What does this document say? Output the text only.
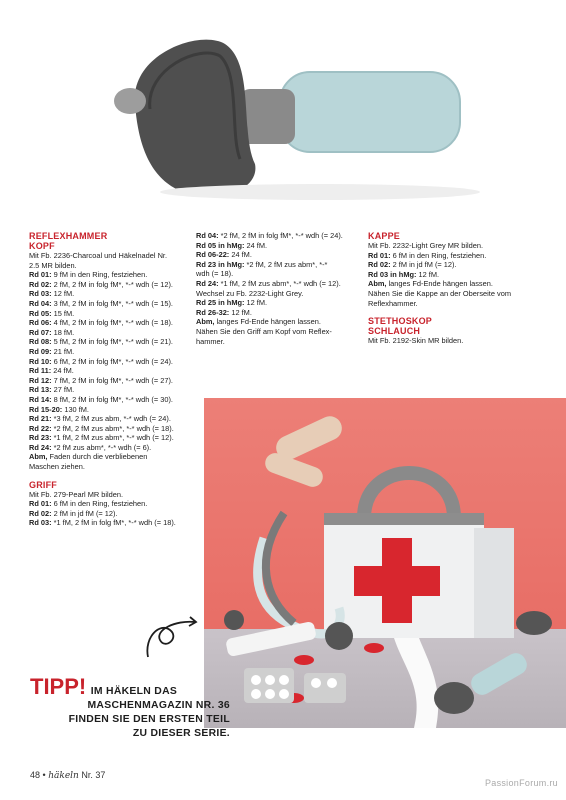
REFLEXHAMMER
KOPF
Mit Fb. 2236-Charcoal und Häkelnadel Nr.
2.5 MR bilden.
Rd 01: 9 fM in den Ring, festziehen.
Rd 02: 2 fM, 2 fM in folg fM*, *-* wdh (= 12).
Rd 03: 12 fM.
Rd 04: 3 fM, 2 fM in folg fM*, *-* wdh (= 15).
Rd 05: 15 fM.
Rd 06: 4 fM, 2 fM in folg fM*, *-* wdh (= 18).
Rd 07: 18 fM.
Rd 08: 5 fM, 2 fM in folg fM*, *-* wdh (= 21).
Rd 09: 21 fM.
Rd 10: 6 fM, 2 fM in folg fM*, *-* wdh (= 24).
Rd 11: 24 fM.
Rd 12: 7 fM, 2 fM in folg fM*, *-* wdh (= 27).
Rd 13: 27 fM.
Rd 14: 8 fM, 2 fM in folg fM*, *-* wdh (= 30).
Rd 15-20: 130 fM.
Rd 21: *3 fM, 2 fM zus abm, *-* wdh (= 24).
Rd 22: *2 fM, 2 fM zus abm*, *-* wdh (= 18).
Rd 23: *1 fM, 2 fM zus abm*, *-* wdh (= 12).
Rd 24: *2 fM zus abm*, *-* wdh (= 6).
Abm, Faden durch die verbliebenen
Maschen ziehen.
GRIFF
Mit Fb. 279-Pearl MR bilden.
Rd 01: 6 fM in den Ring, festziehen.
Rd 02: 2 fM in jd fM (= 12).
Rd 03: *1 fM, 2 fM in folg fM*, *-* wdh (= 18).
Rd 04: *2 fM, 2 fM in folg fM*, *-* wdh (= 24).
Rd 05 in hMg: 24 fM.
Rd 06-22: 24 fM.
Rd 23 in hMg: *2 fM, 2 fM zus abm*, *-*
wdh (= 18).
Rd 24: *1 fM, 2 fM zus abm*, *-* wdh (= 12).
Wechsel zu Fb. 2232-Light Grey.
Rd 25 in hMg: 12 fM.
Rd 26-32: 12 fM.
Abm, langes Fd-Ende hängen lassen.
Nähen Sie den Griff am Kopf vom Reflex-
hammer.
KAPPE
Mit Fb. 2232-Light Grey MR bilden.
Rd 01: 6 fM in den Ring, festziehen.
Rd 02: 2 fM in jd fM (= 12).
Rd 03 in hMg: 12 fM.
Abm, langes Fd-Ende hängen lassen.
Nähen Sie die Kappe an der Oberseite vom
Reflexhammer.
STETHOSKOP
SCHLAUCH
Mit Fb. 2192-Skin MR bilden.
TIPP! IM HÄKELN DAS
MASCHENMAGAZIN NR. 36
FINDEN SIE DEN ERSTEN TEIL
ZU DIESER SERIE.
48 • häkeln Nr. 37
PassionForum.ru
